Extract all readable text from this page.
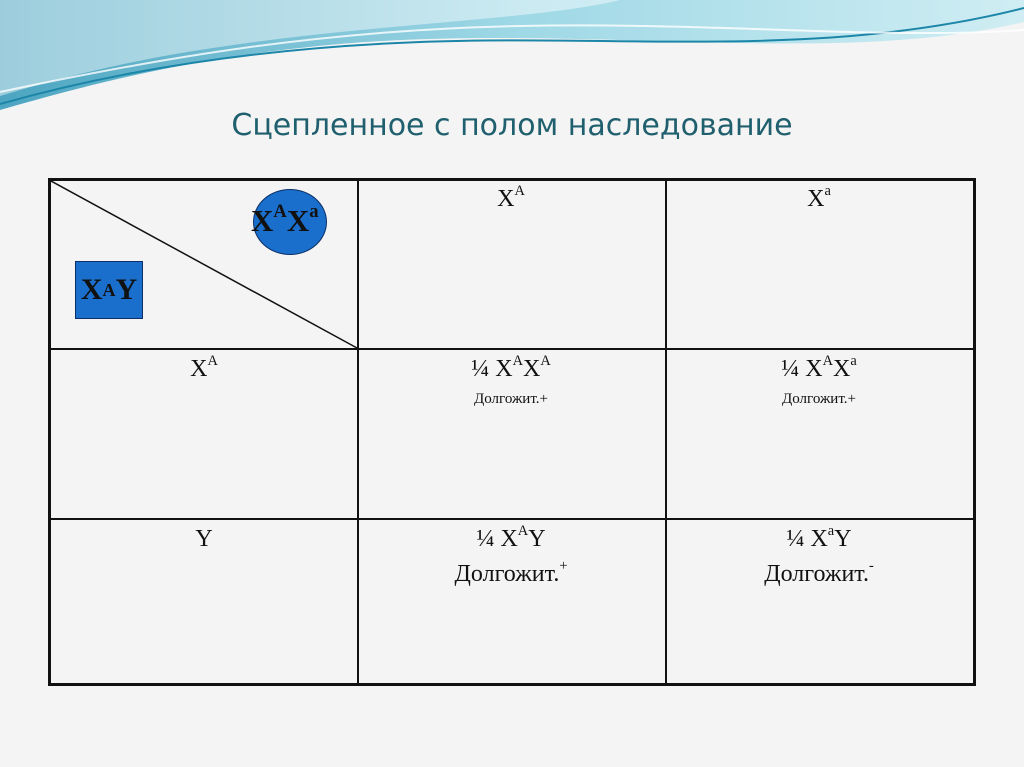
Сцепленное с полом наследование
$X^AX^a$
X A Y
$X^A$	$X^a$
$X^A$
Y
¼ $X^AX^A$
Долгожит.+
¼ $X^AX^a$
Долгожит.+
¼ $X^AY$
Долгожит.+
¼ $X^aY$
Долгожит.-
